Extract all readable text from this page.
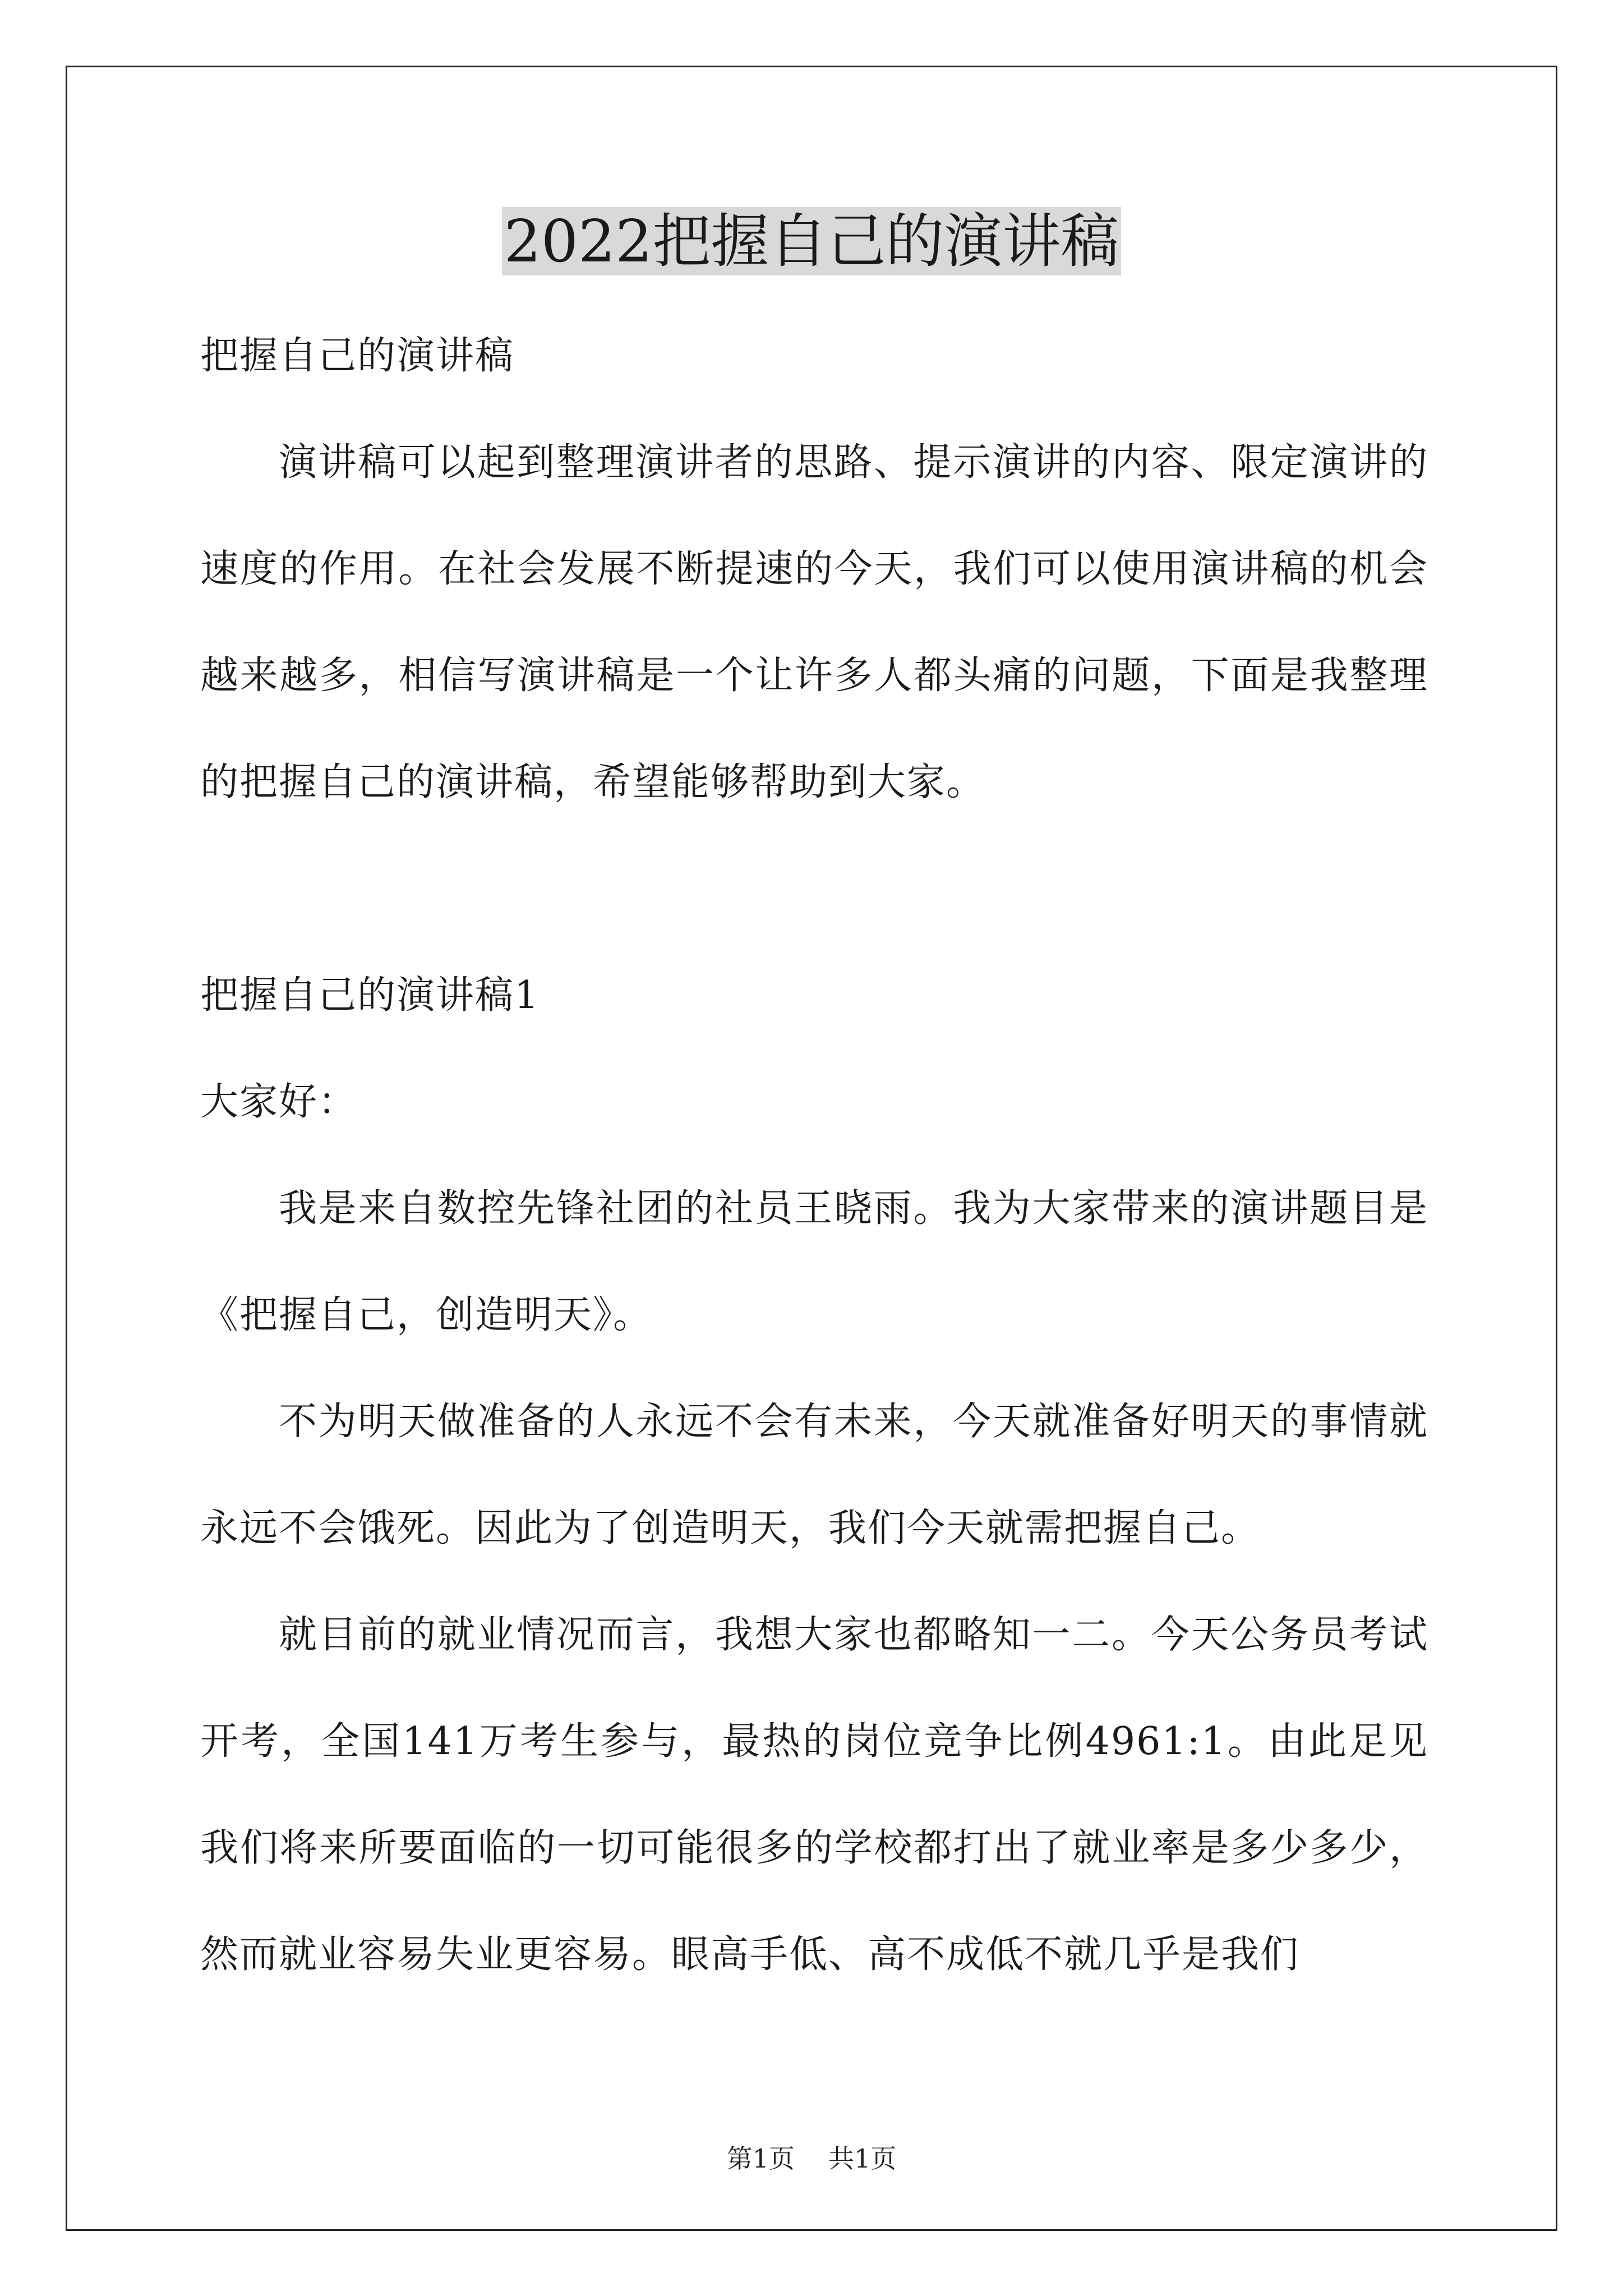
2022把握自己的演讲稿

把握自己的演讲稿

演讲稿可以起到整理演讲者的思路、提示演讲的内容、限定演讲的速度的作用。在社会发展不断提速的今天，我们可以使用演讲稿的机会越来越多，相信写演讲稿是一个让许多人都头痛的问题，下面是我整理的把握自己的演讲稿，希望能够帮助到大家。

把握自己的演讲稿1

大家好：

我是来自数控先锋社团的社员王晓雨。我为大家带来的演讲题目是《把握自己，创造明天》。

不为明天做准备的人永远不会有未来，今天就准备好明天的事情就永远不会饿死。因此为了创造明天，我们今天就需把握自己。

就目前的就业情况而言，我想大家也都略知一二。今天公务员考试开考，全国141万考生参与，最热的岗位竞争比例4961:1。由此足见我们将来所要面临的一切可能很多的学校都打出了就业率是多少多少，然而就业容易失业更容易。眼高手低、高不成低不就几乎是我们

第1页 共1页
